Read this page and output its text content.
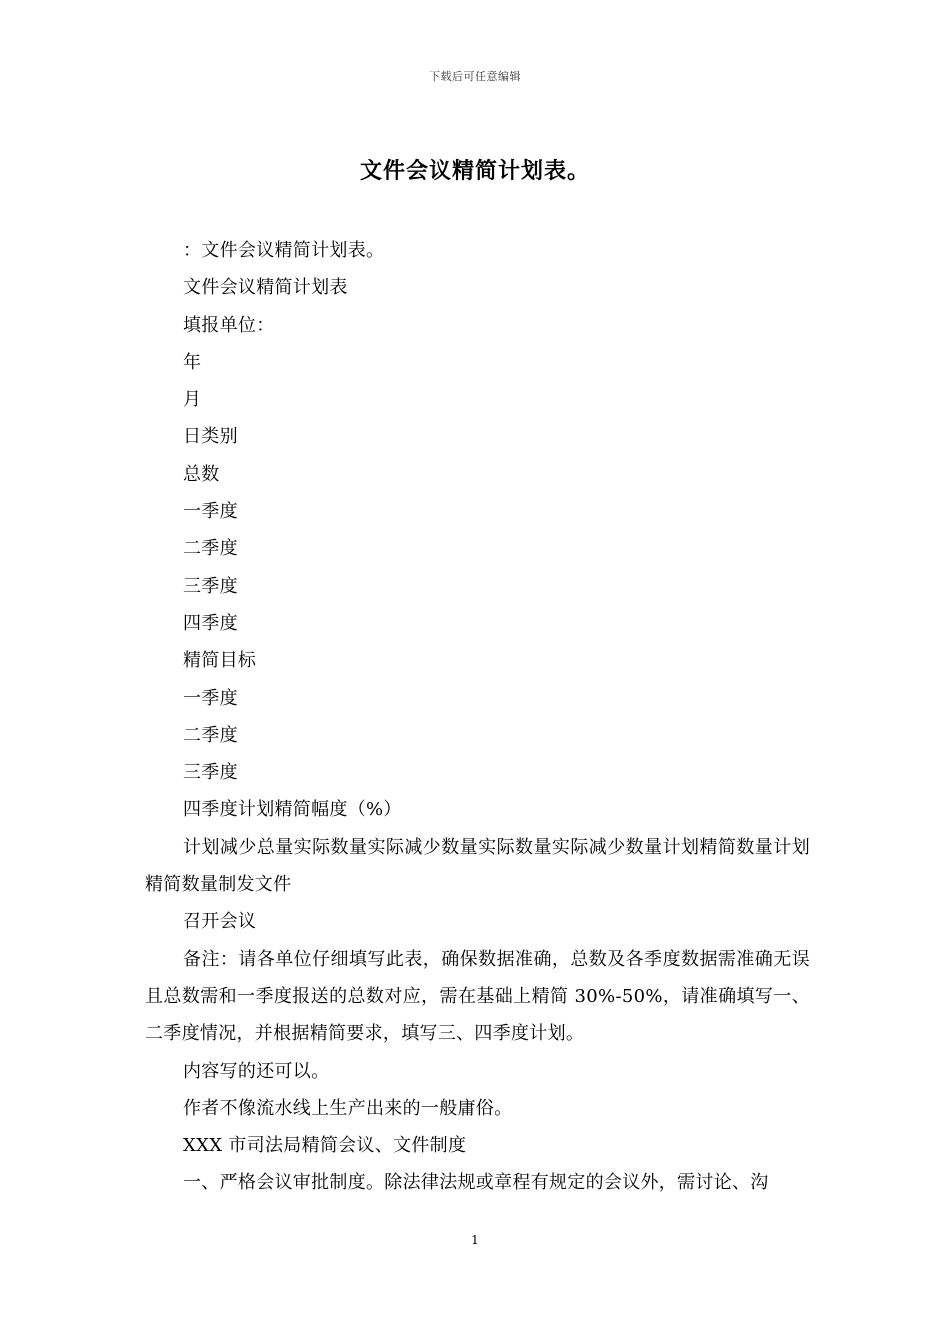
下载后可任意编辑
文件会议精简计划表。

：文件会议精简计划表。

文件会议精简计划表

填报单位：

年

月

日类别

总数

一季度

二季度

三季度

四季度

精简目标

一季度

二季度

三季度

四季度计划精简幅度（%）

计划减少总量实际数量实际减少数量实际数量实际减少数量计划精简数量计划精简数量制发文件

召开会议

备注：请各单位仔细填写此表，确保数据准确，总数及各季度数据需准确无误且总数需和一季度报送的总数对应，需在基础上精简 30%-50%，请准确填写一、二季度情况，并根据精简要求，填写三、四季度计划。

内容写的还可以。

作者不像流水线上生产出来的一般庸俗。

XXX 市司法局精简会议、文件制度

一、严格会议审批制度。除法律法规或章程有规定的会议外，需讨论、沟

1
